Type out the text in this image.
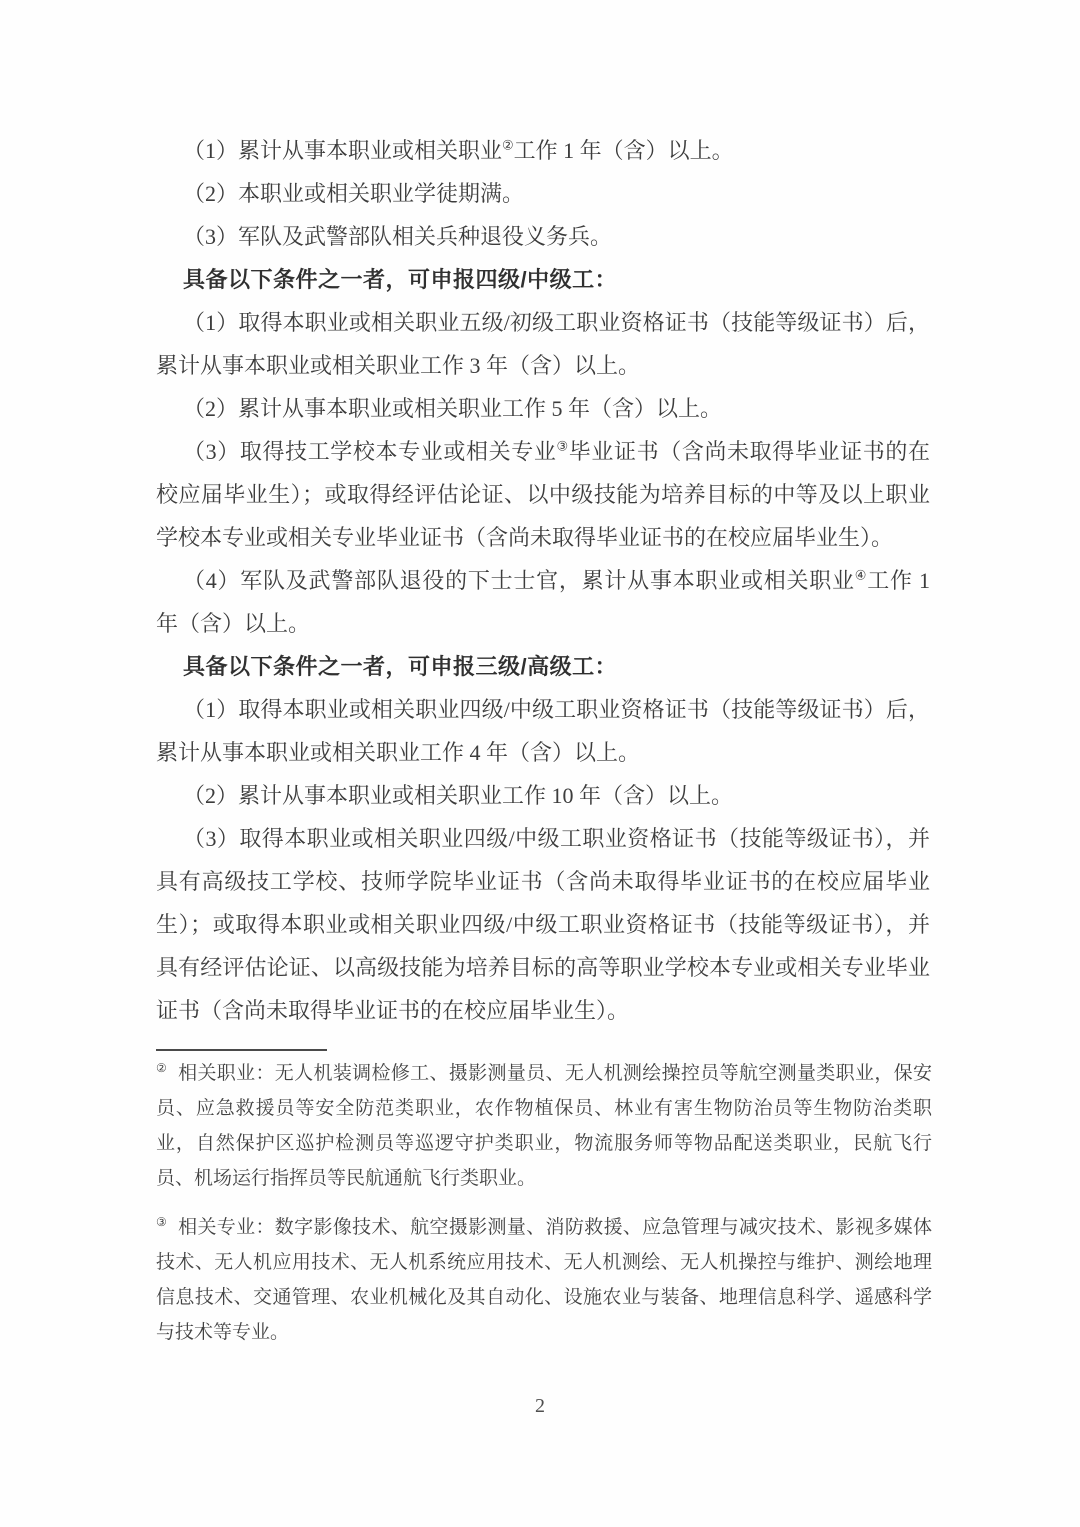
（1）累计从事本职业或相关职业②工作 1 年（含）以上。

（2）本职业或相关职业学徒期满。

（3）军队及武警部队相关兵种退役义务兵。

具备以下条件之一者，可申报四级/中级工：

（1）取得本职业或相关职业五级/初级工职业资格证书（技能等级证书）后，累计从事本职业或相关职业工作 3 年（含）以上。

（2）累计从事本职业或相关职业工作 5 年（含）以上。

（3）取得技工学校本专业或相关专业③毕业证书（含尚未取得毕业证书的在校应届毕业生）；或取得经评估论证、以中级技能为培养目标的中等及以上职业学校本专业或相关专业毕业证书（含尚未取得毕业证书的在校应届毕业生）。

（4）军队及武警部队退役的下士士官，累计从事本职业或相关职业④工作 1 年（含）以上。

具备以下条件之一者，可申报三级/高级工：

（1）取得本职业或相关职业四级/中级工职业资格证书（技能等级证书）后，累计从事本职业或相关职业工作 4 年（含）以上。

（2）累计从事本职业或相关职业工作 10 年（含）以上。

（3）取得本职业或相关职业四级/中级工职业资格证书（技能等级证书），并具有高级技工学校、技师学院毕业证书（含尚未取得毕业证书的在校应届毕业生）；或取得本职业或相关职业四级/中级工职业资格证书（技能等级证书），并具有经评估论证、以高级技能为培养目标的高等职业学校本专业或相关专业毕业证书（含尚未取得毕业证书的在校应届毕业生）。

② 相关职业：无人机装调检修工、摄影测量员、无人机测绘操控员等航空测量类职业，保安员、应急救援员等安全防范类职业，农作物植保员、林业有害生物防治员等生物防治类职业，自然保护区巡护检测员等巡逻守护类职业，物流服务师等物品配送类职业，民航飞行员、机场运行指挥员等民航通航飞行类职业。

③ 相关专业：数字影像技术、航空摄影测量、消防救援、应急管理与减灾技术、影视多媒体技术、无人机应用技术、无人机系统应用技术、无人机测绘、无人机操控与维护、测绘地理信息技术、交通管理、农业机械化及其自动化、设施农业与装备、地理信息科学、遥感科学与技术等专业。

2
